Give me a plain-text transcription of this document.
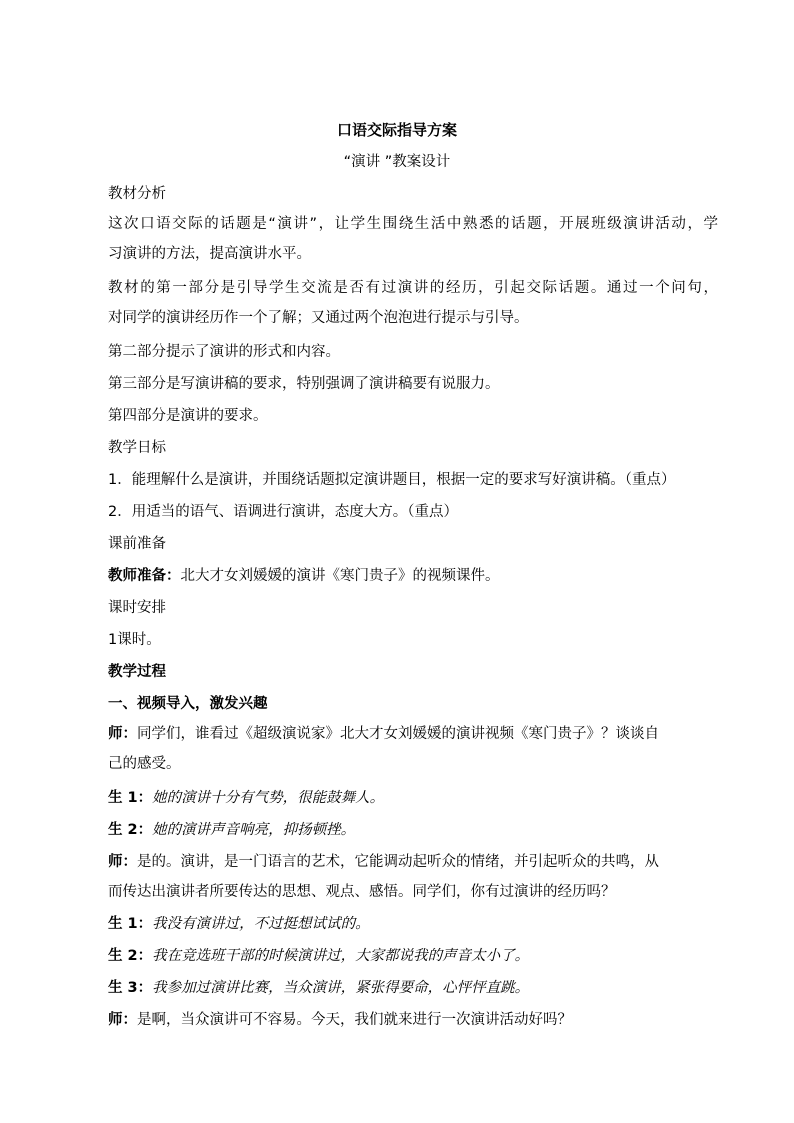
口语交际指导方案
“演讲 ”教案设计
教材分析
这次口语交际的话题是“演讲”，让学生围绕生活中熟悉的话题，开展班级演讲活动，学
习演讲的方法，提高演讲水平。
教材的第一部分是引导学生交流是否有过演讲的经历，引起交际话题。通过一个问句，
对同学的演讲经历作一个了解；又通过两个泡泡进行提示与引导。
第二部分提示了演讲的形式和内容。
第三部分是写演讲稿的要求，特别强调了演讲稿要有说服力。
第四部分是演讲的要求。
教学日标
1．能理解什么是演讲，并围绕话题拟定演讲题目，根据一定的要求写好演讲稿。（重点）
2．用适当的语气、语调进行演讲，态度大方。（重点）
课前准备
教师准备：北大才女刘媛媛的演讲《寒门贵子》的视频课件。
课时安排
1课时。
教学过程
一、视频导入，激发兴趣
师：同学们，谁看过《超级演说家》北大才女刘媛媛的演讲视频《寒门贵子》？谈谈自
己的感受。
生 1：她的演讲十分有气势，很能鼓舞人。
生 2：她的演讲声音响亮，抑扬顿挫。
师：是的。演讲，是一门语言的艺术，它能调动起听众的情绪，并引起听众的共鸣，从
而传达出演讲者所要传达的思想、观点、感悟。同学们，你有过演讲的经历吗？
生 1：我没有演讲过，不过挺想试试的。
生 2：我在竞选班干部的时候演讲过，大家都说我的声音太小了。
生 3：我参加过演讲比赛，当众演讲，紧张得要命，心怦怦直跳。
师：是啊，当众演讲可不容易。今天，我们就来进行一次演讲活动好吗？
